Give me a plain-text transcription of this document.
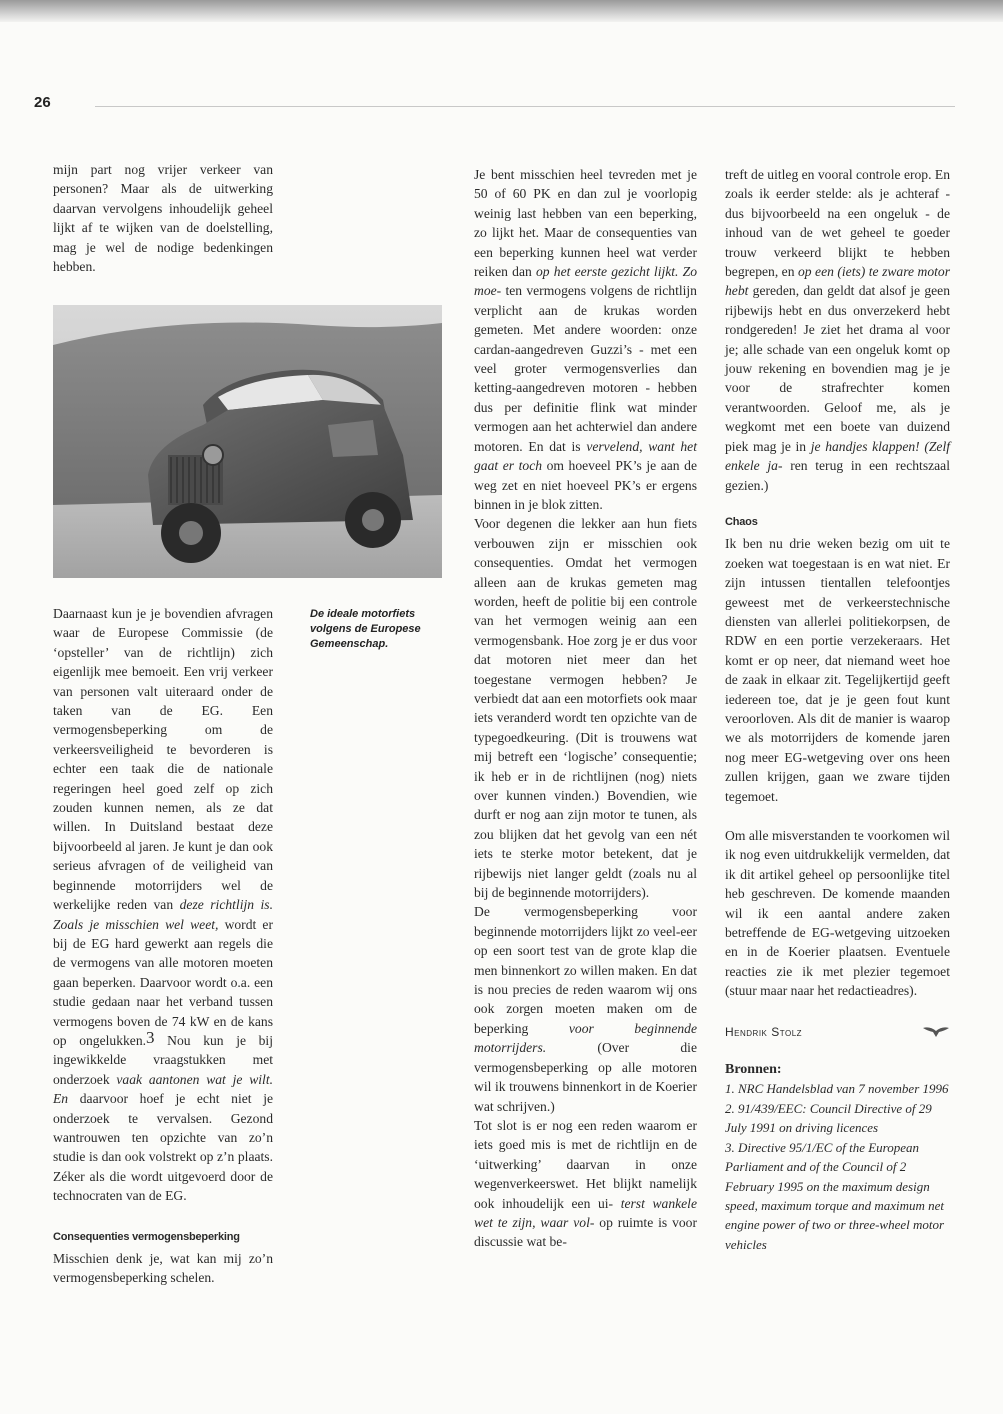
26

mijn part nog vrijer verkeer van personen? Maar als de uitwerking daarvan vervolgens inhoudelijk geheel lijkt af te wijken van de doelstelling, mag je wel de nodige bedenkingen hebben.

De ideale motorfiets volgens de Europese Gemeenschap.

Daarnaast kun je je bovendien afvragen waar de Europese Commissie (de ‘opsteller’ van de richtlijn) zich eigenlijk mee bemoeit. Een vrij verkeer van personen valt uiteraard onder de taken van de EG. Een vermogensbeperking om de verkeersveiligheid te bevorderen is echter een taak die de nationale regeringen heel goed zelf op zich zouden kunnen nemen, als ze dat willen. In Duitsland bestaat deze bijvoorbeeld al jaren. Je kunt je dan ook serieus afvragen of de veiligheid van beginnende motorrijders wel de werkelijke reden van deze richtlijn is. Zoals je misschien wel weet, wordt er bij de EG hard gewerkt aan regels die de vermogens van alle motoren moeten gaan beperken. Daarvoor wordt o.a. een studie gedaan naar het verband tussen vermogens boven de 74 kW en de kans op ongelukken.$^3$ Nou kun je bij ingewikkelde vraagstukken met onderzoek vaak aantonen wat je wilt. En daarvoor hoef je echt niet je onderzoek te vervalsen. Gezond wantrouwen ten opzichte van zo’n studie is dan ook volstrekt op z’n plaats. Zéker als die wordt uitgevoerd door de technocraten van de EG.

Consequenties vermogensbeperking

Misschien denk je, wat kan mij zo’n vermogensbeperking schelen.

Je bent misschien heel tevreden met je 50 of 60 PK en dan zul je voorlopig weinig last hebben van een beperking, zo lijkt het. Maar de consequenties van een beperking kunnen heel wat verder reiken dan op het eerste gezicht lijkt. Zo moe- ten vermogens volgens de richtlijn verplicht aan de krukas worden gemeten. Met andere woorden: onze cardan-aangedreven Guzzi’s - met een veel groter vermogensverlies dan ketting-aangedreven motoren - hebben dus per definitie flink wat minder vermogen aan het achterwiel dan andere motoren. En dat is vervelend, want het gaat er toch om hoeveel PK’s je aan de weg zet en niet hoeveel PK’s er ergens binnen in je blok zitten.

Voor degenen die lekker aan hun fiets verbouwen zijn er misschien ook consequenties. Omdat het vermogen alleen aan de krukas gemeten mag worden, heeft de politie bij een controle van het vermogen weinig aan een vermogensbank. Hoe zorg je er dus voor dat motoren niet meer dan het toegestane vermogen hebben? Je verbiedt dat aan een motorfiets ook maar iets veranderd wordt ten opzichte van de typegoedkeuring. (Dit is trouwens wat mij betreft een ‘logische’ consequentie; ik heb er in de richtlijnen (nog) niets over kunnen vinden.) Bovendien, wie durft er nog aan zijn motor te tunen, als zou blijken dat het gevolg van een nét iets te sterke motor betekent, dat je rijbewijs niet langer geldt (zoals nu al bij de beginnende motorrijders).

De vermogensbeperking voor beginnende motorrijders lijkt zo veel-eer op een soort test van de grote klap die men binnenkort zo willen maken. En dat is nou precies de reden waarom wij ons ook zorgen moeten maken om de beperking voor beginnende motorrijders. (Over die vermogensbeperking op alle motoren wil ik trouwens binnenkort in de Koerier wat schrijven.)

Tot slot is er nog een reden waarom er iets goed mis is met de richtlijn en de ‘uitwerking’ daarvan in onze wegenverkeerswet. Het blijkt namelijk ook inhoudelijk een ui- terst wankele wet te zijn, waar vol- op ruimte is voor discussie wat be-

treft de uitleg en vooral controle erop. En zoals ik eerder stelde: als je achteraf - dus bijvoorbeeld na een ongeluk - de inhoud van de wet geheel te goeder trouw verkeerd blijkt te hebben begrepen, en op een (iets) te zware motor hebt gereden, dan geldt dat alsof je geen rijbewijs hebt en dus onverzekerd hebt rondgereden! Je ziet het drama al voor je; alle schade van een ongeluk komt op jouw rekening en bovendien mag je je voor de strafrechter komen verantwoorden. Geloof me, als je wegkomt met een boete van duizend piek mag je in je handjes klappen! (Zelf enkele ja- ren terug in een rechtszaal gezien.)

Chaos

Ik ben nu drie weken bezig om uit te zoeken wat toegestaan is en wat niet. Er zijn intussen tientallen telefoontjes geweest met de verkeerstechnische diensten van allerlei politiekorpsen, de RDW en een portie verzekeraars. Het komt er op neer, dat niemand weet hoe de zaak in elkaar zit. Tegelijkertijd geeft iedereen toe, dat je je geen fout kunt veroorloven. Als dit de manier is waarop we als motorrijders de komende jaren nog meer EG-wetgeving over ons heen zullen krijgen, gaan we zware tijden tegemoet.

Om alle misverstanden te voorkomen wil ik nog even uitdrukkelijk vermelden, dat ik dit artikel geheel op persoonlijke titel heb geschreven. De komende maanden wil ik een aantal andere zaken betreffende de EG-wetgeving uitzoeken en in de Koerier plaatsen. Eventuele reacties zie ik met plezier tegemoet (stuur maar naar het redactieadres).

Hendrik Stolz
Bronnen:
1. NRC Handelsblad van 7 november 1996
2. 91/439/EEC: Council Directive of 29 July 1991 on driving licences
3. Directive 95/1/EC of the European Parliament and of the Council of 2 February 1995 on the maximum design speed, maximum torque and maximum net engine power of two or three-wheel motor vehicles
